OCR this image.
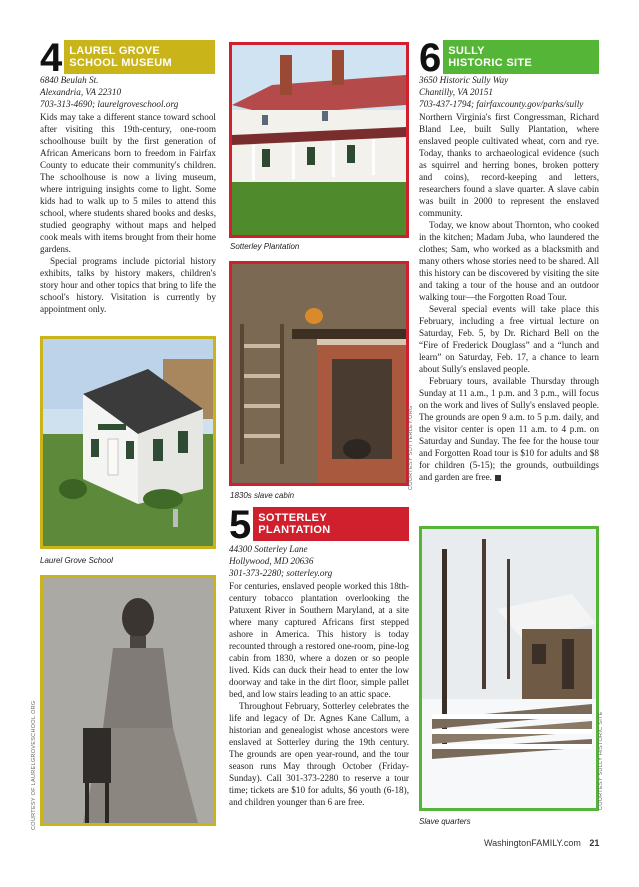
4 LAUREL GROVE
SCHOOL MUSEUM
6840 Beulah St.
Alexandria, VA 22310
703-313-4690; laurelgroveschool.org

Kids may take a different stance toward school after visiting this 19th-century, one-room schoolhouse built by the first generation of African Americans born to freedom in Fairfax County to educate their community's children. The schoolhouse is now a living museum, where intriguing insights come to light. Some kids had to walk up to 5 miles to attend this school, where students shared books and desks, studied geography without maps and helped cook meals with items brought from their home gardens.

Special programs include pictorial history exhibits, talks by history makers, children's story hour and other topics that bring to life the school's history. Visitation is currently by appointment only.

Laurel Grove School
COURTESY OF LAURELGROVESCHOOL.ORG
Sotterley Plantation
COURTESY SOTTERLEY.ORG
1830s slave cabin
5 SOTTERLEY
PLANTATION
44300 Sotterley Lane
Hollywood, MD 20636
301-373-2280; sotterley.org

For centuries, enslaved people worked this 18th-century tobacco plantation overlooking the Patuxent River in Southern Maryland, at a site where many captured Africans first stepped ashore in America. This history is today recounted through a restored one-room, pine-log cabin from 1830, where a dozen or so people lived. Kids can duck their head to enter the low doorway and take in the dirt floor, simple pallet bed, and low stairs leading to an attic space.

Throughout February, Sotterley celebrates the life and legacy of Dr. Agnes Kane Callum, a historian and genealogist whose ancestors were enslaved at Sotterley during the 19th century. The grounds are open year-round, and the tour season runs May through October (Friday-Sunday). Call 301-373-2280 to reserve a tour time; tickets are $10 for adults, $6 youth (6-18), and children younger than 6 are free.

6 SULLY
HISTORIC SITE
3650 Historic Sully Way
Chantilly, VA 20151
703-437-1794; fairfaxcounty.gov/parks/sully

Northern Virginia's first Congressman, Richard Bland Lee, built Sully Plantation, where enslaved people cultivated wheat, corn and rye. Today, thanks to archaeological evidence (such as squirrel and herring bones, broken pottery and coins), record-keeping and letters, researchers found a slave quarter. A slave cabin was built in 2000 to represent the enslaved community.

Today, we know about Thornton, who cooked in the kitchen; Madam Juba, who laundered the clothes; Sam, who worked as a blacksmith and many others whose stories need to be shared. All this history can be discovered by visiting the site and taking a tour of the house and an outdoor walking tour—the Forgotten Road Tour.

Several special events will take place this February, including a free virtual lecture on Saturday, Feb. 5, by Dr. Richard Bell on the “Fire of Frederick Douglass” and a “lunch and learn” on Saturday, Feb. 17, a chance to learn about Sully's enslaved people.

February tours, available Thursday through Sunday at 11 a.m., 1 p.m. and 3 p.m., will focus on the work and lives of Sully's enslaved people. The grounds are open 9 a.m. to 5 p.m. daily, and the visitor center is open 11 a.m. to 4 p.m. on Saturday and Sunday. The fee for the house tour and Forgotten Road tour is $10 for adults and $8 for children (5-15); the grounds, outbuildings and garden are free.

COURTESY SULLY HISTORIC SITE
Slave quarters
WashingtonFAMILY.com 21
